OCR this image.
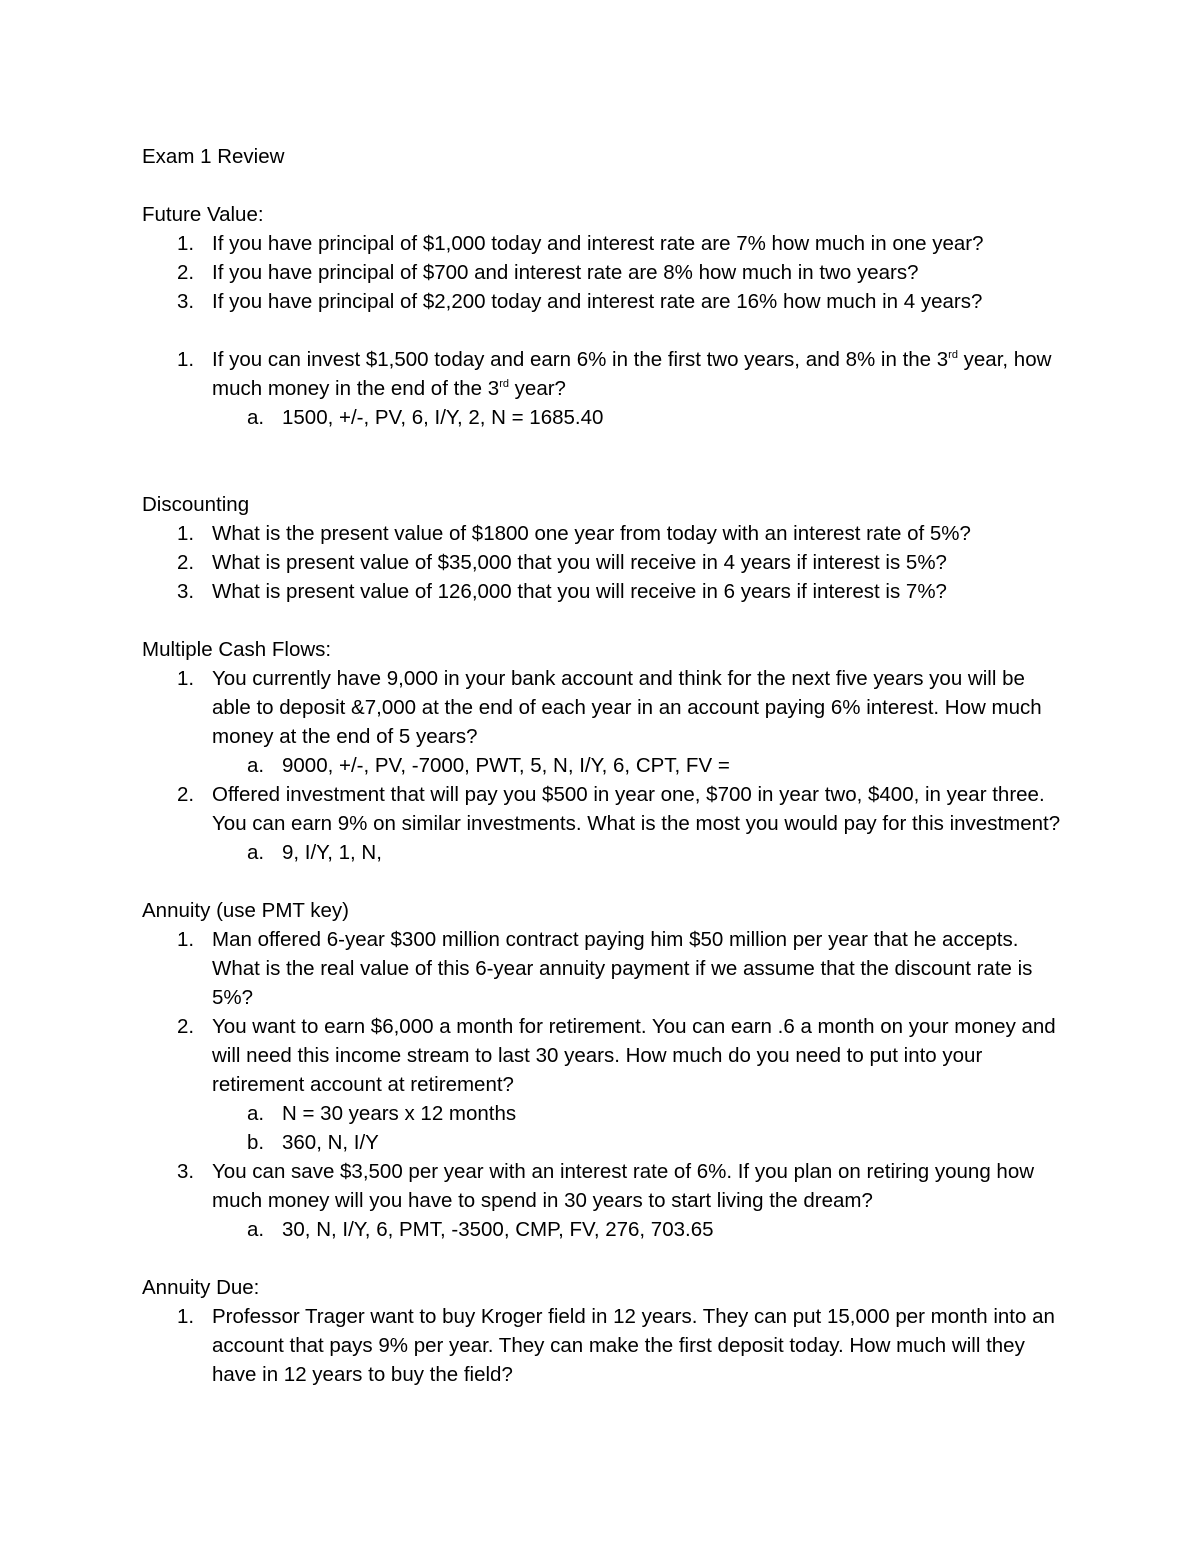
Exam 1 Review
Future Value:
1. If you have principal of $1,000 today and interest rate are 7% how much in one year?
2. If you have principal of $700 and interest rate are 8% how much in two years?
3. If you have principal of $2,200 today and interest rate are 16% how much in 4 years?
1. If you can invest $1,500 today and earn 6% in the first two years, and 8% in the 3rd year, how much money in the end of the 3rd year?
a. 1500, +/-, PV, 6, I/Y, 2, N = 1685.40
Discounting
1. What is the present value of $1800 one year from today with an interest rate of 5%?
2. What is present value of $35,000 that you will receive in 4 years if interest is 5%?
3. What is present value of 126,000 that you will receive in 6 years if interest is 7%?
Multiple Cash Flows:
1. You currently have 9,000 in your bank account and think for the next five years you will be able to deposit &7,000 at the end of each year in an account paying 6% interest. How much money at the end of 5 years?
a. 9000, +/-, PV, -7000, PWT, 5, N, I/Y, 6, CPT, FV =
2. Offered investment that will pay you $500 in year one, $700 in year two, $400, in year three. You can earn 9% on similar investments. What is the most you would pay for this investment?
a. 9, I/Y, 1, N,
Annuity (use PMT key)
1. Man offered 6-year $300 million contract paying him $50 million per year that he accepts. What is the real value of this 6-year annuity payment if we assume that the discount rate is 5%?
2. You want to earn $6,000 a month for retirement. You can earn .6 a month on your money and will need this income stream to last 30 years. How much do you need to put into your retirement account at retirement?
a. N = 30 years x 12 months
b. 360, N, I/Y
3. You can save $3,500 per year with an interest rate of 6%. If you plan on retiring young how much money will you have to spend in 30 years to start living the dream?
a. 30, N, I/Y, 6, PMT, -3500, CMP, FV, 276, 703.65
Annuity Due:
1. Professor Trager want to buy Kroger field in 12 years. They can put 15,000 per month into an account that pays 9% per year. They can make the first deposit today. How much will they have in 12 years to buy the field?
